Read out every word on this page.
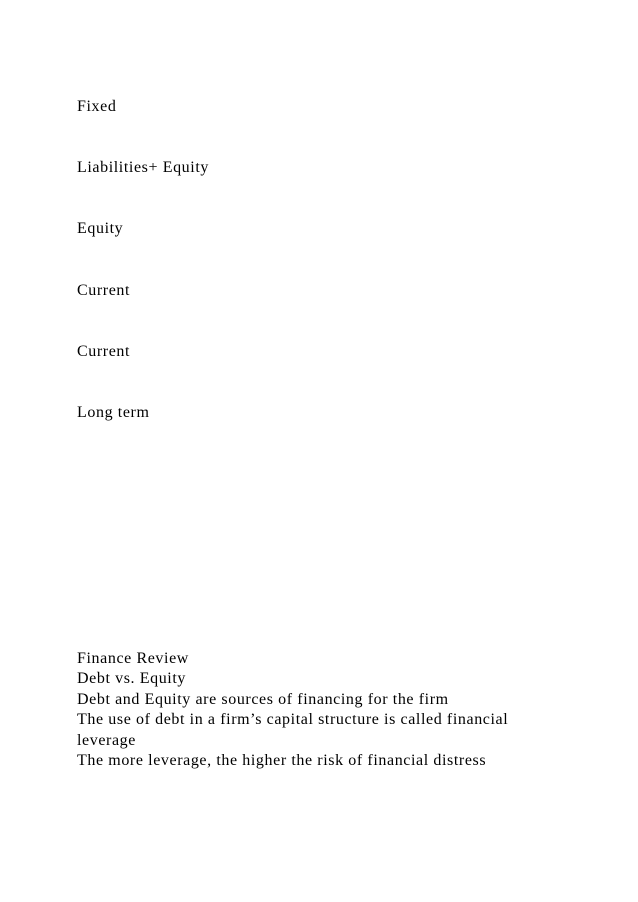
Fixed

Liabilities+ Equity

Equity

Current

Current

Long term

Finance Review

Debt vs. Equity

Debt and Equity are sources of financing for the firm

The use of debt in a firm’s capital structure is called financial leverage

The more leverage, the higher the risk of financial distress
